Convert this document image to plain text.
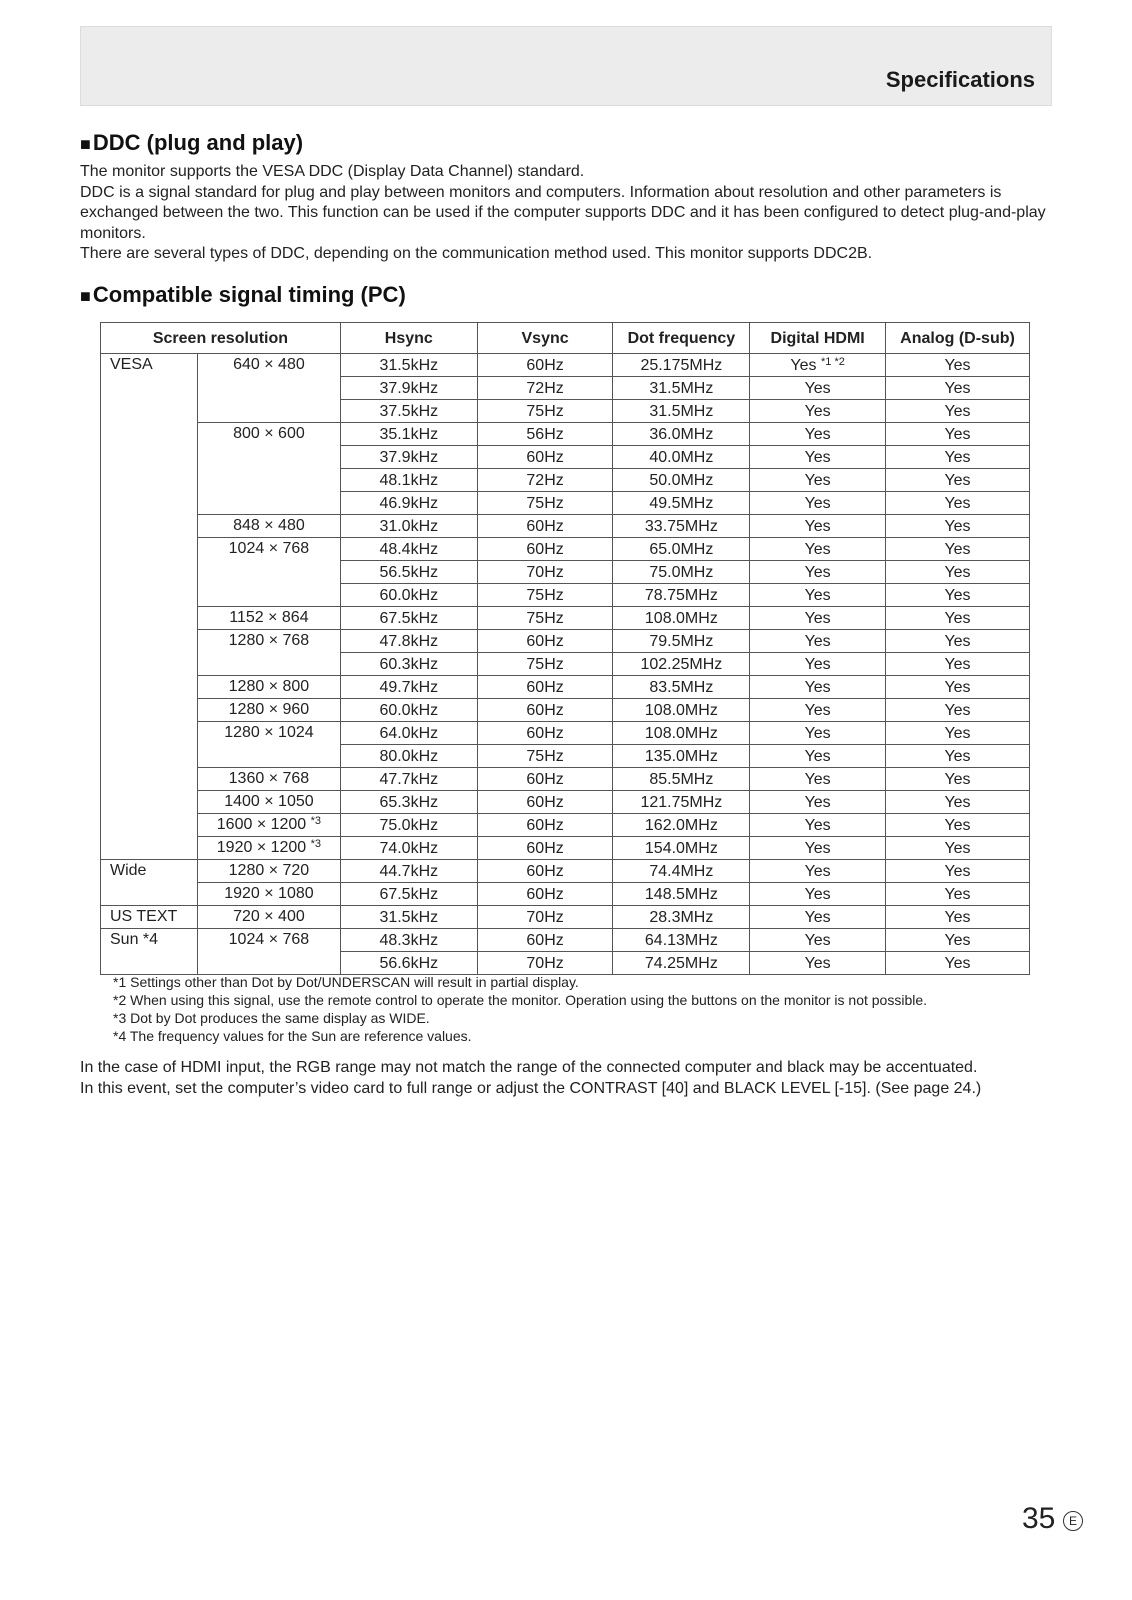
Specifications
■DDC (plug and play)

The monitor supports the VESA DDC (Display Data Channel) standard.

DDC is a signal standard for plug and play between monitors and computers. Information about resolution and other parameters is exchanged between the two. This function can be used if the computer supports DDC and it has been configured to detect plug-and-play monitors.

There are several types of DDC, depending on the communication method used. This monitor supports DDC2B.

■Compatible signal timing (PC)
Screen resolution		Hsync	Vsync	Dot frequency	Digital HDMI	Analog (D-sub)
VESA	640 × 480	31.5kHz	60Hz	25.175MHz	Yes $^{*1 *2}$	Yes
		37.9kHz	72Hz	31.5MHz	Yes	Yes
		37.5kHz	75Hz	31.5MHz	Yes	Yes
	800 × 600	35.1kHz	56Hz	36.0MHz	Yes	Yes
		37.9kHz	60Hz	40.0MHz	Yes	Yes
		48.1kHz	72Hz	50.0MHz	Yes	Yes
		46.9kHz	75Hz	49.5MHz	Yes	Yes
	848 × 480	31.0kHz	60Hz	33.75MHz	Yes	Yes
	1024 × 768	48.4kHz	60Hz	65.0MHz	Yes	Yes
		56.5kHz	70Hz	75.0MHz	Yes	Yes
		60.0kHz	75Hz	78.75MHz	Yes	Yes
	1152 × 864	67.5kHz	75Hz	108.0MHz	Yes	Yes
	1280 × 768	47.8kHz	60Hz	79.5MHz	Yes	Yes
		60.3kHz	75Hz	102.25MHz	Yes	Yes
	1280 × 800	49.7kHz	60Hz	83.5MHz	Yes	Yes
	1280 × 960	60.0kHz	60Hz	108.0MHz	Yes	Yes
	1280 × 1024	64.0kHz	60Hz	108.0MHz	Yes	Yes
		80.0kHz	75Hz	135.0MHz	Yes	Yes
	1360 × 768	47.7kHz	60Hz	85.5MHz	Yes	Yes
	1400 × 1050	65.3kHz	60Hz	121.75MHz	Yes	Yes
	1600 × 1200 $^{*3}$	75.0kHz	60Hz	162.0MHz	Yes	Yes
	1920 × 1200 $^{*3}$	74.0kHz	60Hz	154.0MHz	Yes	Yes
Wide	1280 × 720	44.7kHz	60Hz	74.4MHz	Yes	Yes
	1920 × 1080	67.5kHz	60Hz	148.5MHz	Yes	Yes
US TEXT	720 × 400	31.5kHz	70Hz	28.3MHz	Yes	Yes
Sun *4	1024 × 768	48.3kHz	60Hz	64.13MHz	Yes	Yes
		56.6kHz	70Hz	74.25MHz	Yes	Yes
*1 Settings other than Dot by Dot/UNDERSCAN will result in partial display.
*2 When using this signal, use the remote control to operate the monitor. Operation using the buttons on the monitor is not possible.
*3 Dot by Dot produces the same display as WIDE.
*4 The frequency values for the Sun are reference values.

In the case of HDMI input, the RGB range may not match the range of the connected computer and black may be accentuated.

In this event, set the computer’s video card to full range or adjust the CONTRAST [40] and BLACK LEVEL [-15]. (See page 24.)

35	E
